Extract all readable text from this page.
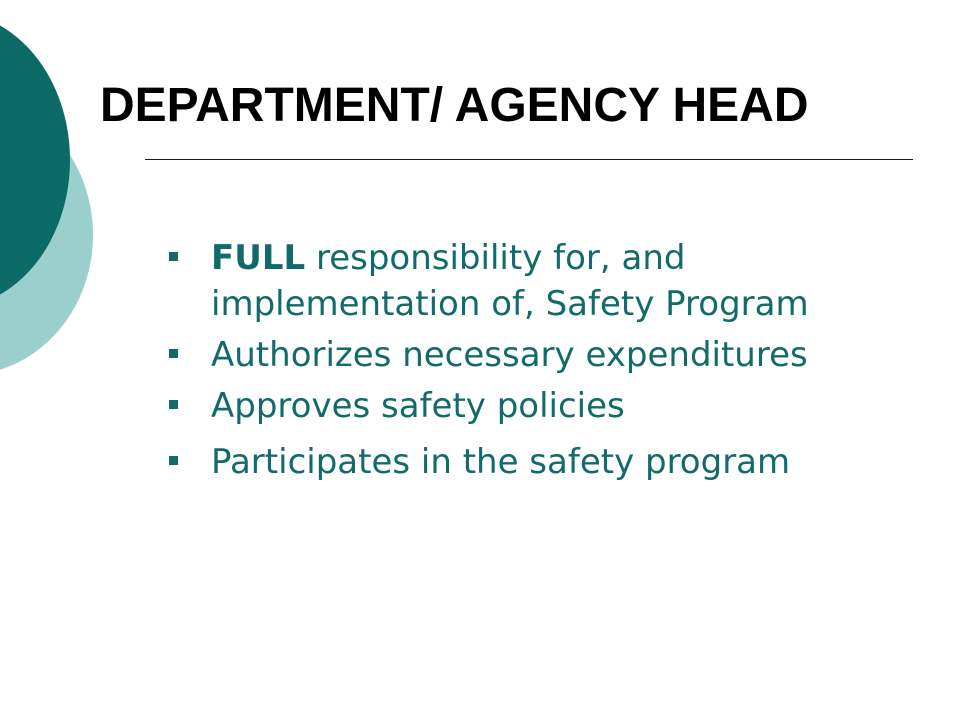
DEPARTMENT/ AGENCY HEAD
FULL responsibility for, and
implementation of, Safety Program
Authorizes necessary expenditures
Approves safety policies
Participates in the safety program
